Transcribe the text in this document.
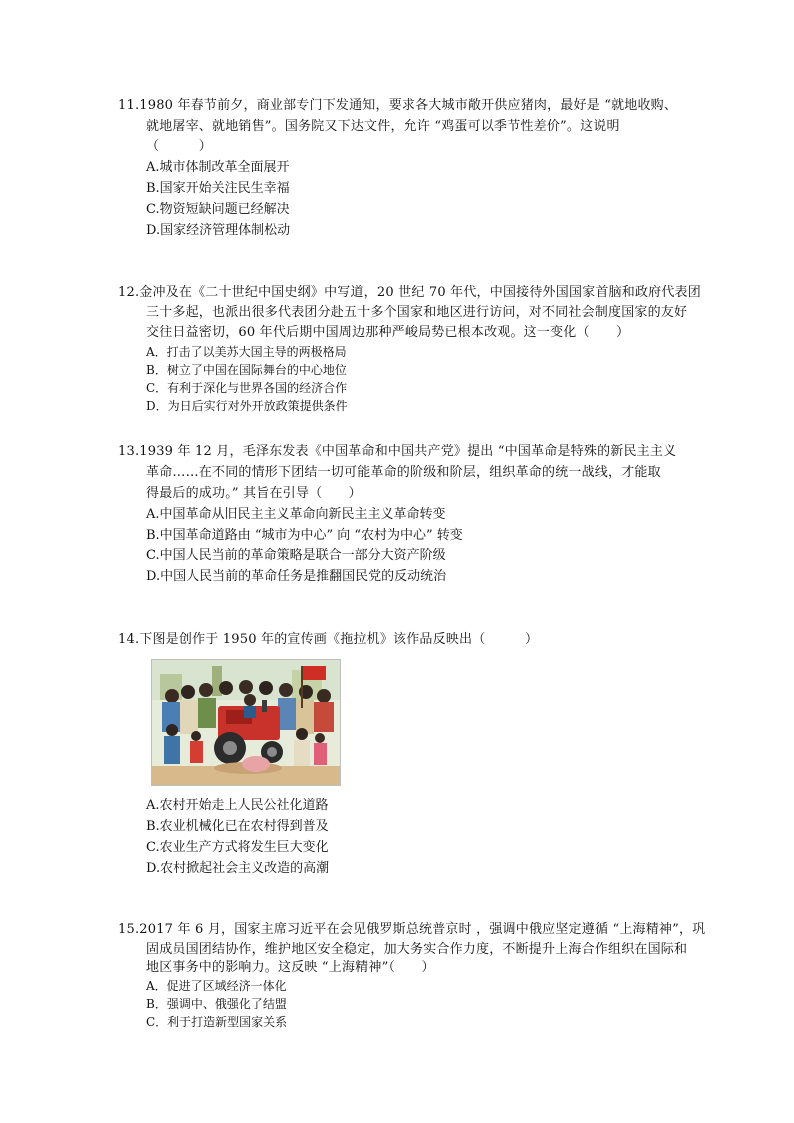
11.1980 年春节前夕，商业部专门下发通知，要求各大城市敞开供应猪肉，最好是 “就地收购、
就地屠宰、就地销售”。国务院又下达文件，允许 “鸡蛋可以季节性差价”。这说明
（　　　）
A.城市体制改革全面展开
B.国家开始关注民生幸福
C.物资短缺问题已经解决
D.国家经济管理体制松动
12.金冲及在《二十世纪中国史纲》中写道，20 世纪 70 年代，中国接待外国国家首脑和政府代表团
三十多起，也派出很多代表团分赴五十多个国家和地区进行访问，对不同社会制度国家的友好
交往日益密切，60 年代后期中国周边那种严峻局势已根本改观。这一变化（　　）
A．打击了以美苏大国主导的两极格局
B．树立了中国在国际舞台的中心地位
C．有利于深化与世界各国的经济合作
D．为日后实行对外开放政策提供条件
13.1939 年 12 月，毛泽东发表《中国革命和中国共产党》提出 “中国革命是特殊的新民主主义
革命……在不同的情形下团结一切可能革命的阶级和阶层，组织革命的统一战线，才能取
得最后的成功。” 其旨在引导（　　）
A.中国革命从旧民主主义革命向新民主主义革命转变
B.中国革命道路由 “城市为中心” 向 “农村为中心” 转变
C.中国人民当前的革命策略是联合一部分大资产阶级
D.中国人民当前的革命任务是推翻国民党的反动统治
14.下图是创作于 1950 年的宣传画《拖拉机》该作品反映出（　　　）
A.农村开始走上人民公社化道路
B.农业机械化已在农村得到普及
C.农业生产方式将发生巨大变化
D.农村掀起社会主义改造的高潮
15.2017 年 6 月，国家主席习近平在会见俄罗斯总统普京时 ，强调中俄应坚定遵循 “上海精神”，巩
固成员国团结协作，维护地区安全稳定，加大务实合作力度，不断提升上海合作组织在国际和
地区事务中的影响力。这反映 “上海精神”（　　）
A．促进了区域经济一体化
B．强调中、俄强化了结盟
C．利于打造新型国家关系
